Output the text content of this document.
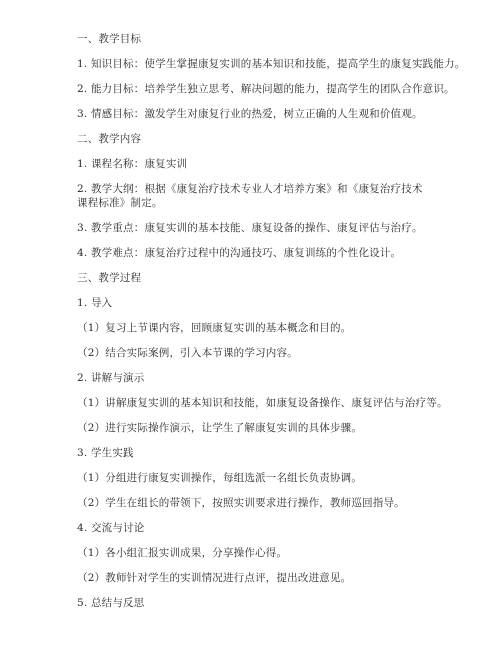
一、教学目标
1. 知识目标：使学生掌握康复实训的基本知识和技能，提高学生的康复实践能力。
2. 能力目标：培养学生独立思考、解决问题的能力，提高学生的团队合作意识。
3. 情感目标：激发学生对康复行业的热爱，树立正确的人生观和价值观。
二、教学内容
1. 课程名称：康复实训
2. 教学大纲：根据《康复治疗技术专业人才培养方案》和《康复治疗技术课程标准》制定。
3. 教学重点：康复实训的基本技能、康复设备的操作、康复评估与治疗。
4. 教学难点：康复治疗过程中的沟通技巧、康复训练的个性化设计。
三、教学过程
1. 导入
（1）复习上节课内容，回顾康复实训的基本概念和目的。
（2）结合实际案例，引入本节课的学习内容。
2. 讲解与演示
（1）讲解康复实训的基本知识和技能，如康复设备操作、康复评估与治疗等。
（2）进行实际操作演示，让学生了解康复实训的具体步骤。
3. 学生实践
（1）分组进行康复实训操作，每组选派一名组长负责协调。
（2）学生在组长的带领下，按照实训要求进行操作，教师巡回指导。
4. 交流与讨论
（1）各小组汇报实训成果，分享操作心得。
（2）教师针对学生的实训情况进行点评，提出改进意见。
5. 总结与反思
